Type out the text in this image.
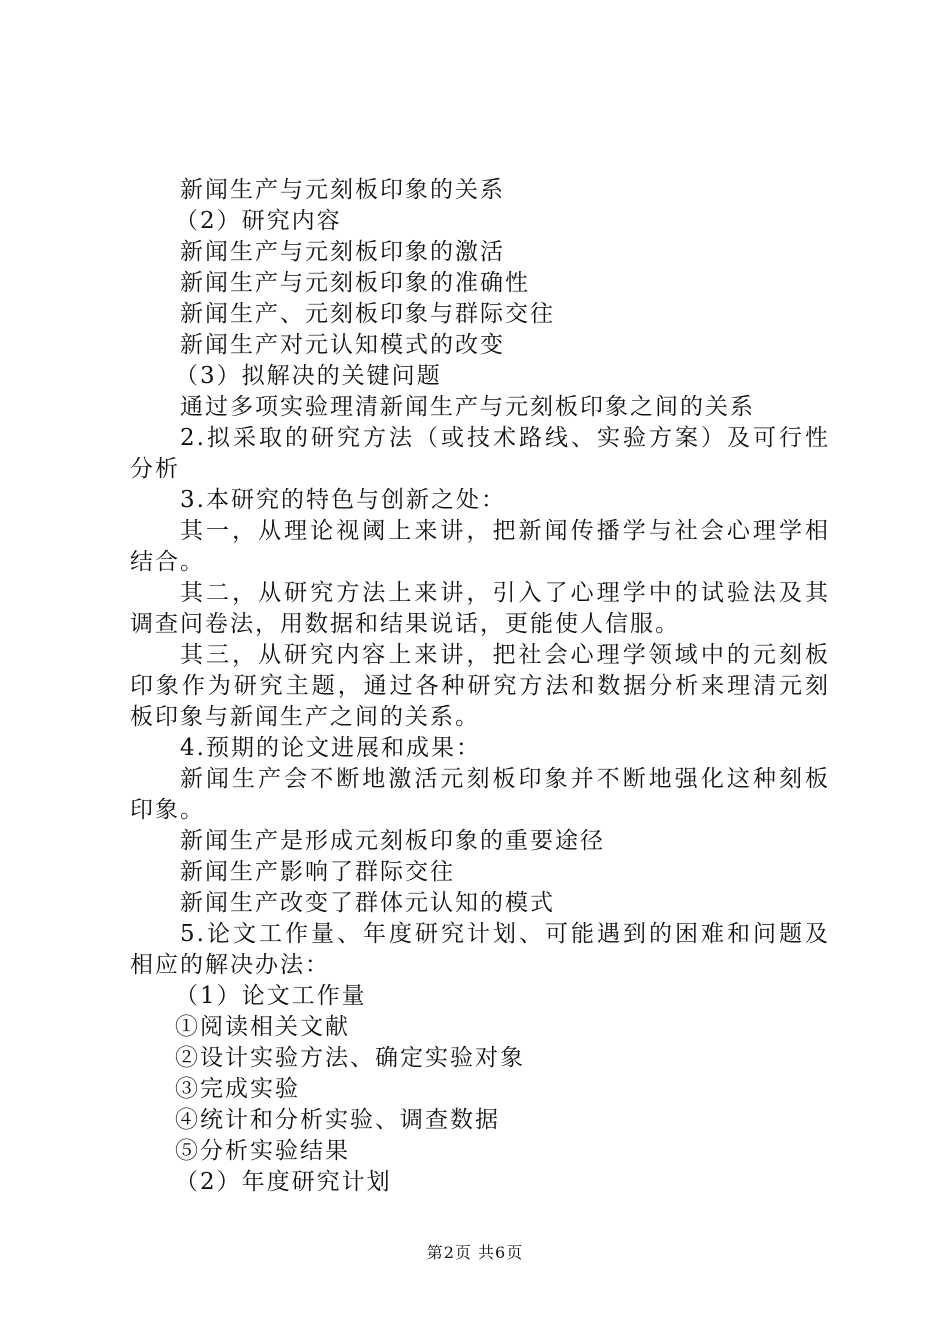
新闻生产与元刻板印象的关系
（2）研究内容
新闻生产与元刻板印象的激活
新闻生产与元刻板印象的准确性
新闻生产、元刻板印象与群际交往
新闻生产对元认知模式的改变
（3）拟解决的关键问题
通过多项实验理清新闻生产与元刻板印象之间的关系
2.拟采取的研究方法（或技术路线、实验方案）及可行性
分析
3.本研究的特色与创新之处：
其一，从理论视阈上来讲，把新闻传播学与社会心理学相
结合。
其二，从研究方法上来讲，引入了心理学中的试验法及其
调查问卷法，用数据和结果说话，更能使人信服。
其三，从研究内容上来讲，把社会心理学领域中的元刻板
印象作为研究主题，通过各种研究方法和数据分析来理清元刻
板印象与新闻生产之间的关系。
4.预期的论文进展和成果：
新闻生产会不断地激活元刻板印象并不断地强化这种刻板
印象。
新闻生产是形成元刻板印象的重要途径
新闻生产影响了群际交往
新闻生产改变了群体元认知的模式
5.论文工作量、年度研究计划、可能遇到的困难和问题及
相应的解决办法：
（1）论文工作量
①阅读相关文献
②设计实验方法、确定实验对象
③完成实验
④统计和分析实验、调查数据
⑤分析实验结果
（2）年度研究计划
第2页 共6页
